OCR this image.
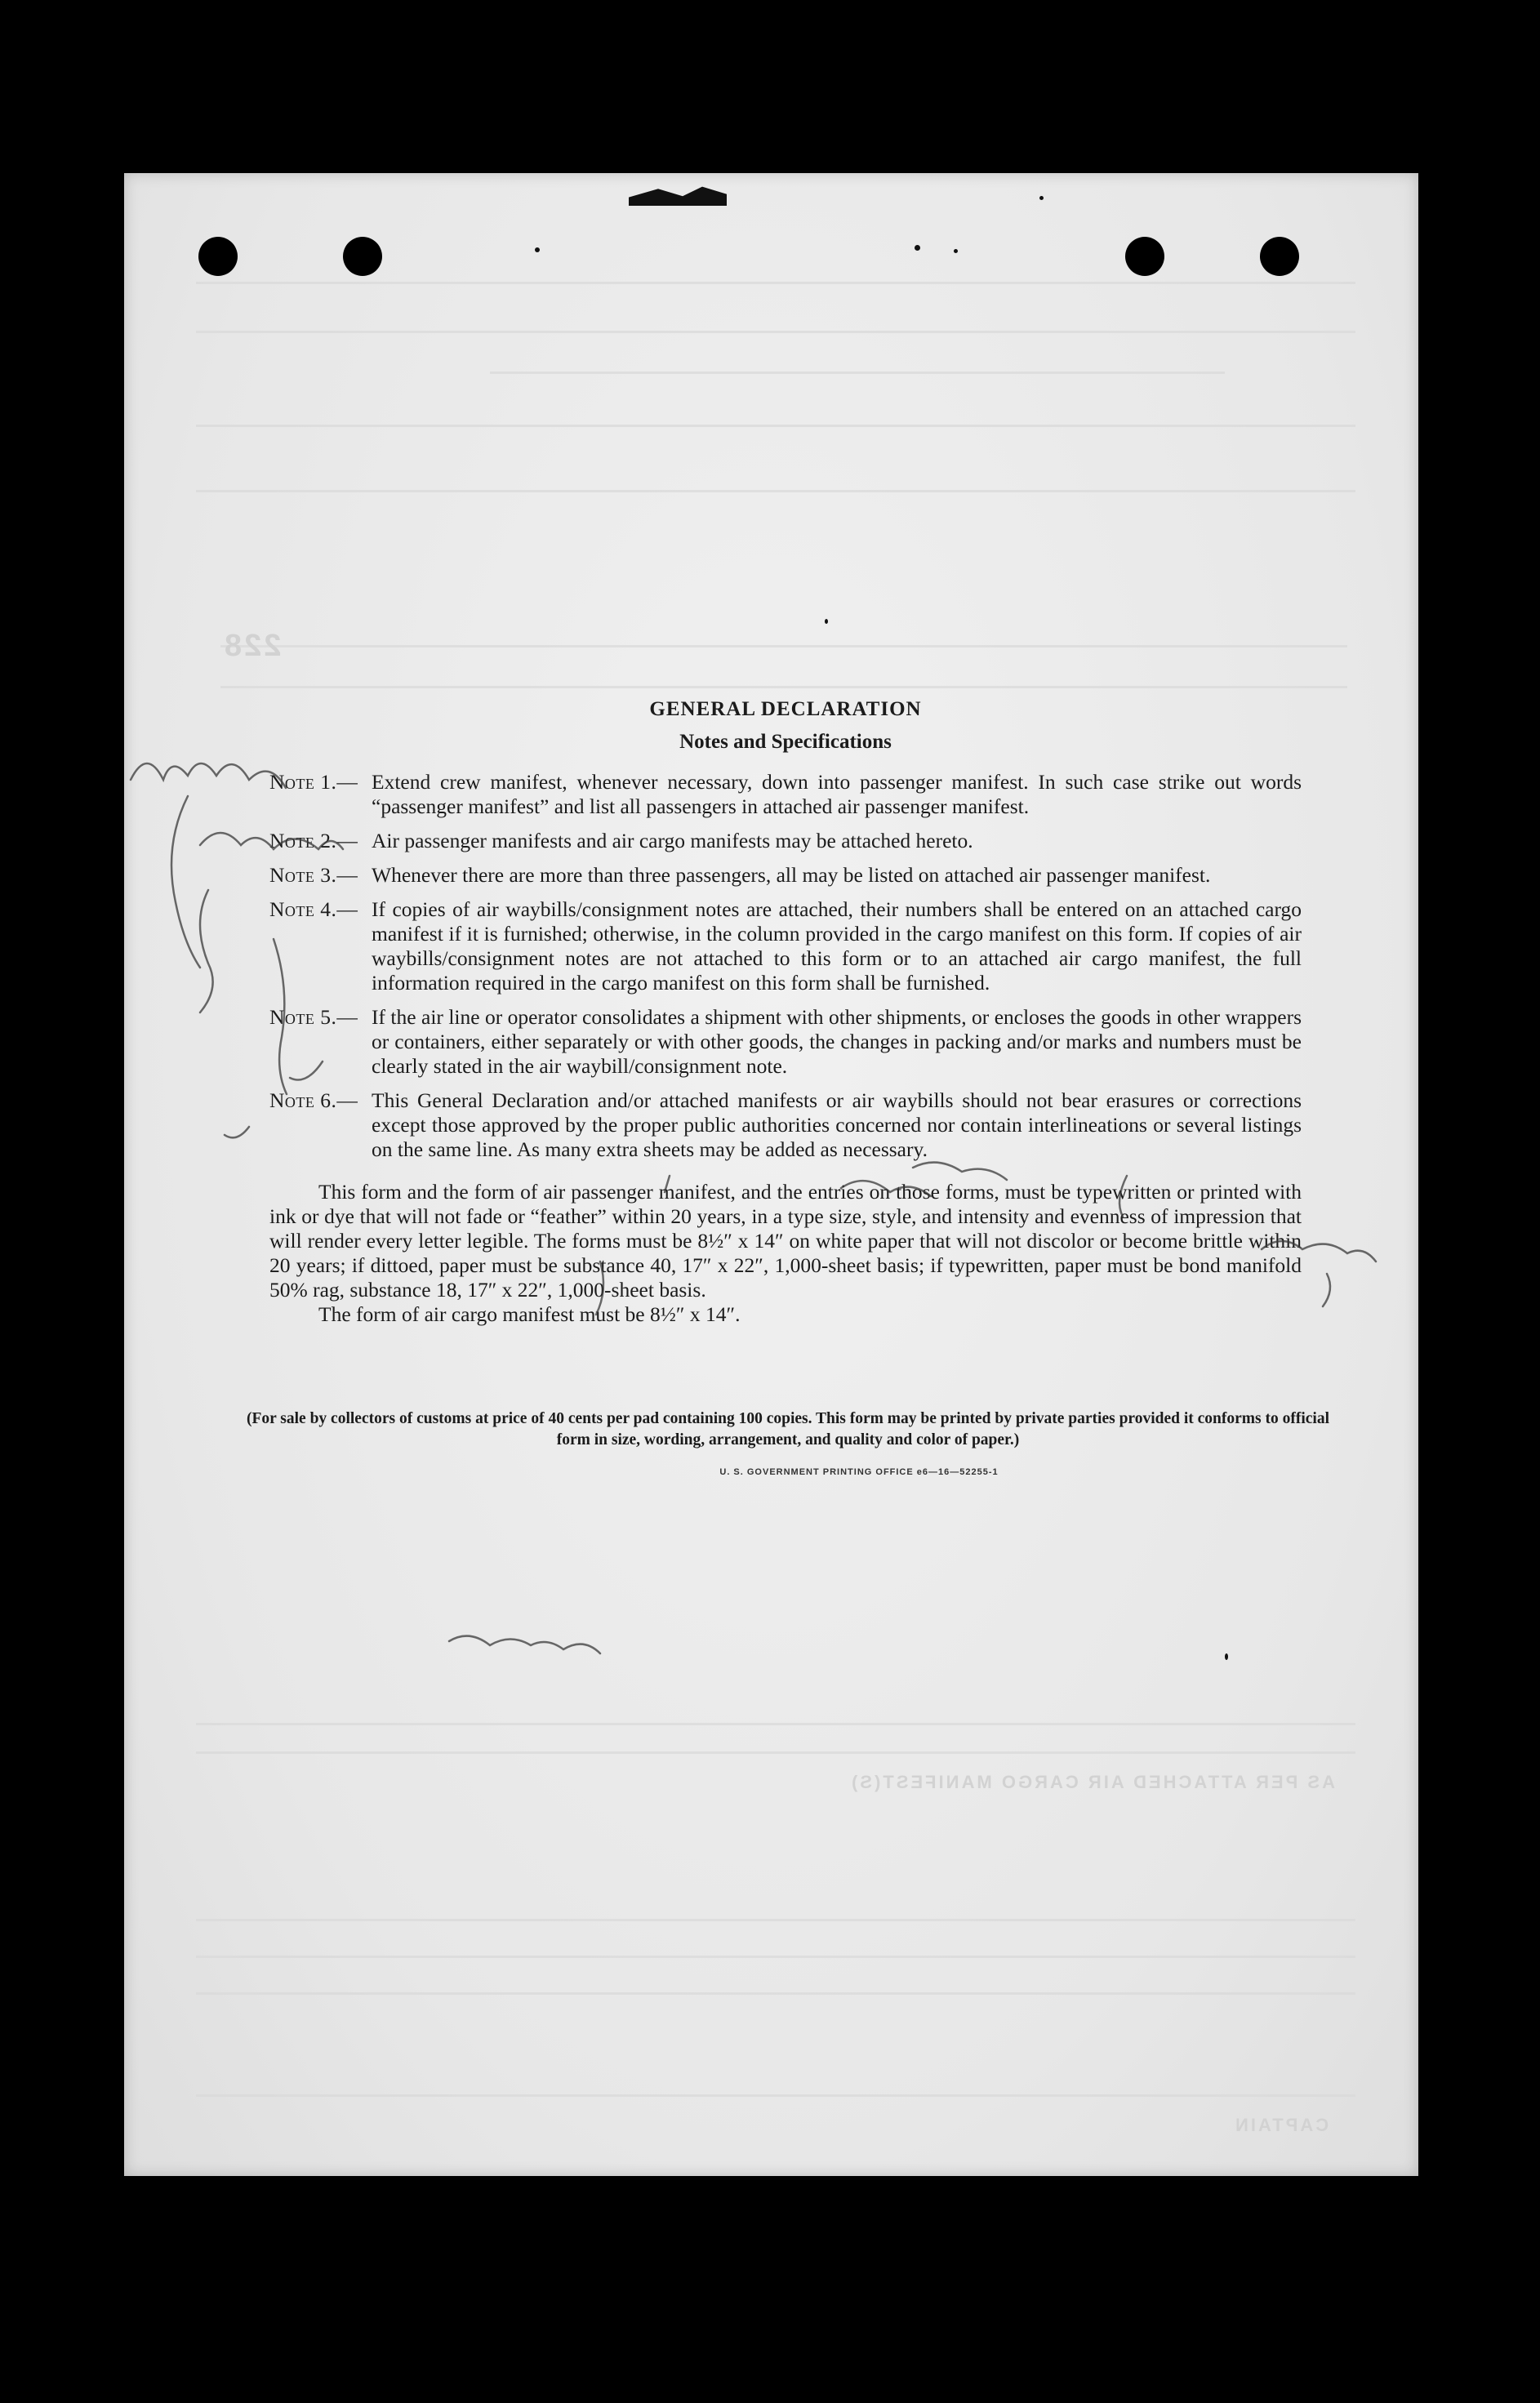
AS PER ATTACHED AIR CARGO MANIFEST(S)
CAPTAIN
228
GENERAL DECLARATION
Notes and Specifications
Note 1.— Extend crew manifest, whenever necessary, down into passenger manifest. In such case strike out words “passenger manifest” and list all passengers in attached air passenger manifest.
Note 2.— Air passenger manifests and air cargo manifests may be attached hereto.
Note 3.— Whenever there are more than three passengers, all may be listed on attached air passenger manifest.
Note 4.— If copies of air waybills/consignment notes are attached, their numbers shall be entered on an attached cargo manifest if it is furnished; otherwise, in the column provided in the cargo manifest on this form. If copies of air waybills/consignment notes are not attached to this form or to an attached air cargo manifest, the full information required in the cargo manifest on this form shall be furnished.
Note 5.— If the air line or operator consolidates a shipment with other shipments, or encloses the goods in other wrappers or containers, either separately or with other goods, the changes in packing and/or marks and numbers must be clearly stated in the air waybill/consignment note.
Note 6.— This General Declaration and/or attached manifests or air waybills should not bear erasures or corrections except those approved by the proper public authorities concerned nor contain interlineations or several listings on the same line. As many extra sheets may be added as necessary.
This form and the form of air passenger manifest, and the entries on those forms, must be typewritten or printed with ink or dye that will not fade or “feather” within 20 years, in a type size, style, and intensity and evenness of impression that will render every letter legible. The forms must be 8½″ x 14″ on white paper that will not discolor or become brittle within 20 years; if dittoed, paper must be substance 40, 17″ x 22″, 1,000-sheet basis; if typewritten, paper must be bond manifold 50% rag, substance 18, 17″ x 22″, 1,000-sheet basis.
The form of air cargo manifest must be 8½″ x 14″.
(For sale by collectors of customs at price of 40 cents per pad containing 100 copies. This form may be printed by private parties provided it conforms to official form in size, wording, arrangement, and quality and color of paper.)
U. S. GOVERNMENT PRINTING OFFICE e6—16—52255-1
